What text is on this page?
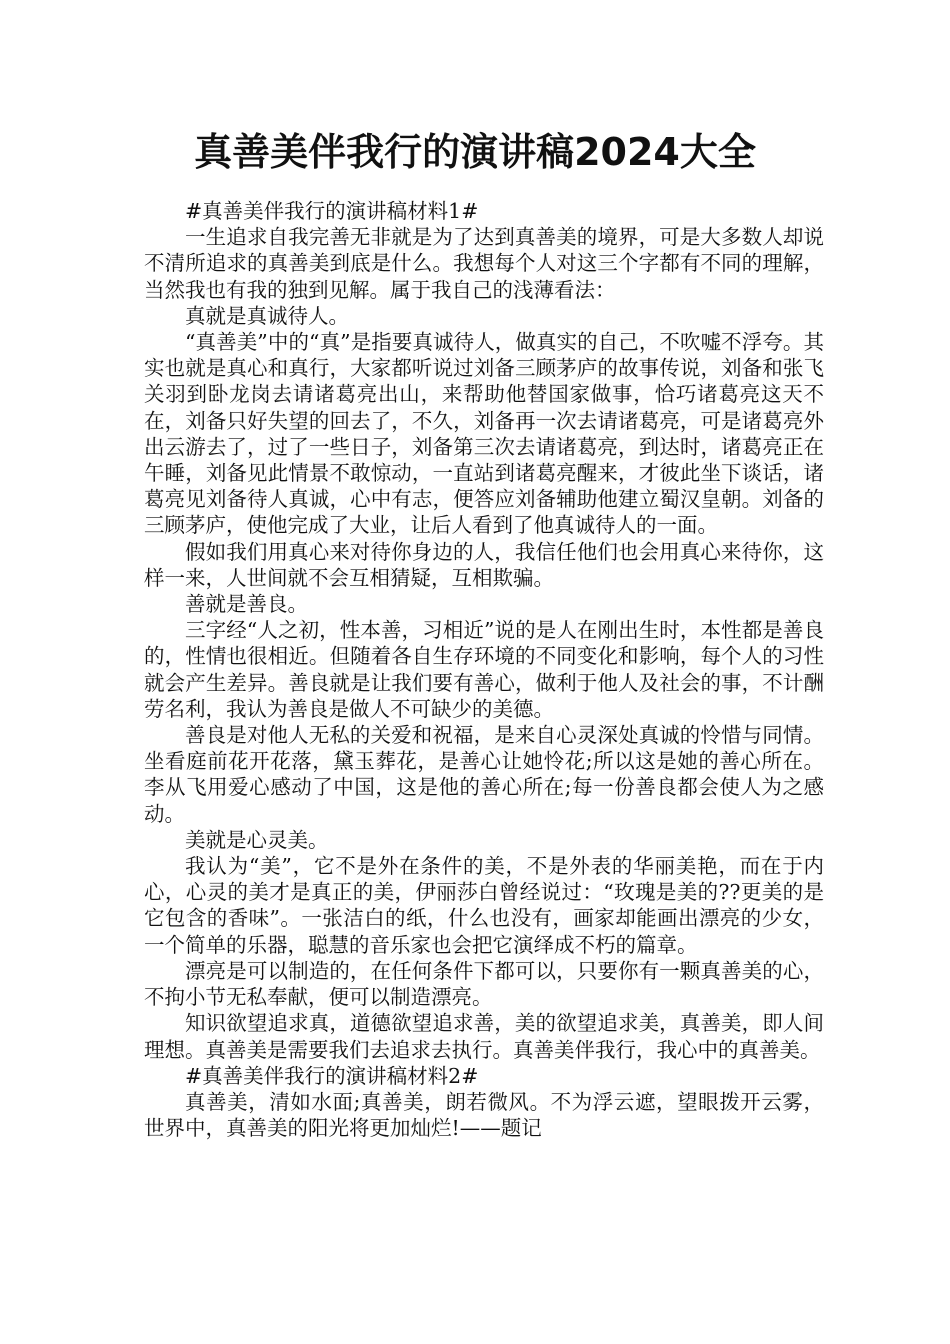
真善美伴我行的演讲稿2024大全

#真善美伴我行的演讲稿材料1#

一生追求自我完善无非就是为了达到真善美的境界，可是大多数人却说不清所追求的真善美到底是什么。我想每个人对这三个字都有不同的理解，当然我也有我的独到见解。属于我自己的浅薄看法：

真就是真诚待人。

“真善美”中的“真”是指要真诚待人，做真实的自己，不吹嘘不浮夸。其实也就是真心和真行，大家都听说过刘备三顾茅庐的故事传说，刘备和张飞关羽到卧龙岗去请诸葛亮出山，来帮助他替国家做事，恰巧诸葛亮这天不在，刘备只好失望的回去了，不久，刘备再一次去请诸葛亮，可是诸葛亮外出云游去了，过了一些日子，刘备第三次去请诸葛亮，到达时，诸葛亮正在午睡，刘备见此情景不敢惊动，一直站到诸葛亮醒来，才彼此坐下谈话，诸葛亮见刘备待人真诚，心中有志，便答应刘备辅助他建立蜀汉皇朝。刘备的三顾茅庐，使他完成了大业，让后人看到了他真诚待人的一面。

假如我们用真心来对待你身边的人，我信任他们也会用真心来待你，这样一来，人世间就不会互相猜疑，互相欺骗。

善就是善良。

三字经“人之初，性本善，习相近”说的是人在刚出生时，本性都是善良的，性情也很相近。但随着各自生存环境的不同变化和影响，每个人的习性就会产生差异。善良就是让我们要有善心，做利于他人及社会的事，不计酬劳名利，我认为善良是做人不可缺少的美德。

善良是对他人无私的关爱和祝福，是来自心灵深处真诚的怜惜与同情。坐看庭前花开花落，黛玉葬花，是善心让她怜花;所以这是她的善心所在。李从飞用爱心感动了中国，这是他的善心所在;每一份善良都会使人为之感动。

美就是心灵美。

我认为“美”，它不是外在条件的美，不是外表的华丽美艳，而在于内心，心灵的美才是真正的美，伊丽莎白曾经说过：“玫瑰是美的??更美的是它包含的香味”。一张洁白的纸，什么也没有，画家却能画出漂亮的少女，一个简单的乐器，聪慧的音乐家也会把它演绎成不朽的篇章。

漂亮是可以制造的，在任何条件下都可以，只要你有一颗真善美的心，不拘小节无私奉献，便可以制造漂亮。

知识欲望追求真，道德欲望追求善，美的欲望追求美，真善美，即人间理想。真善美是需要我们去追求去执行。真善美伴我行，我心中的真善美。

#真善美伴我行的演讲稿材料2#

真善美，清如水面;真善美，朗若微风。不为浮云遮，望眼拨开云雾，世界中，真善美的阳光将更加灿烂!——题记
